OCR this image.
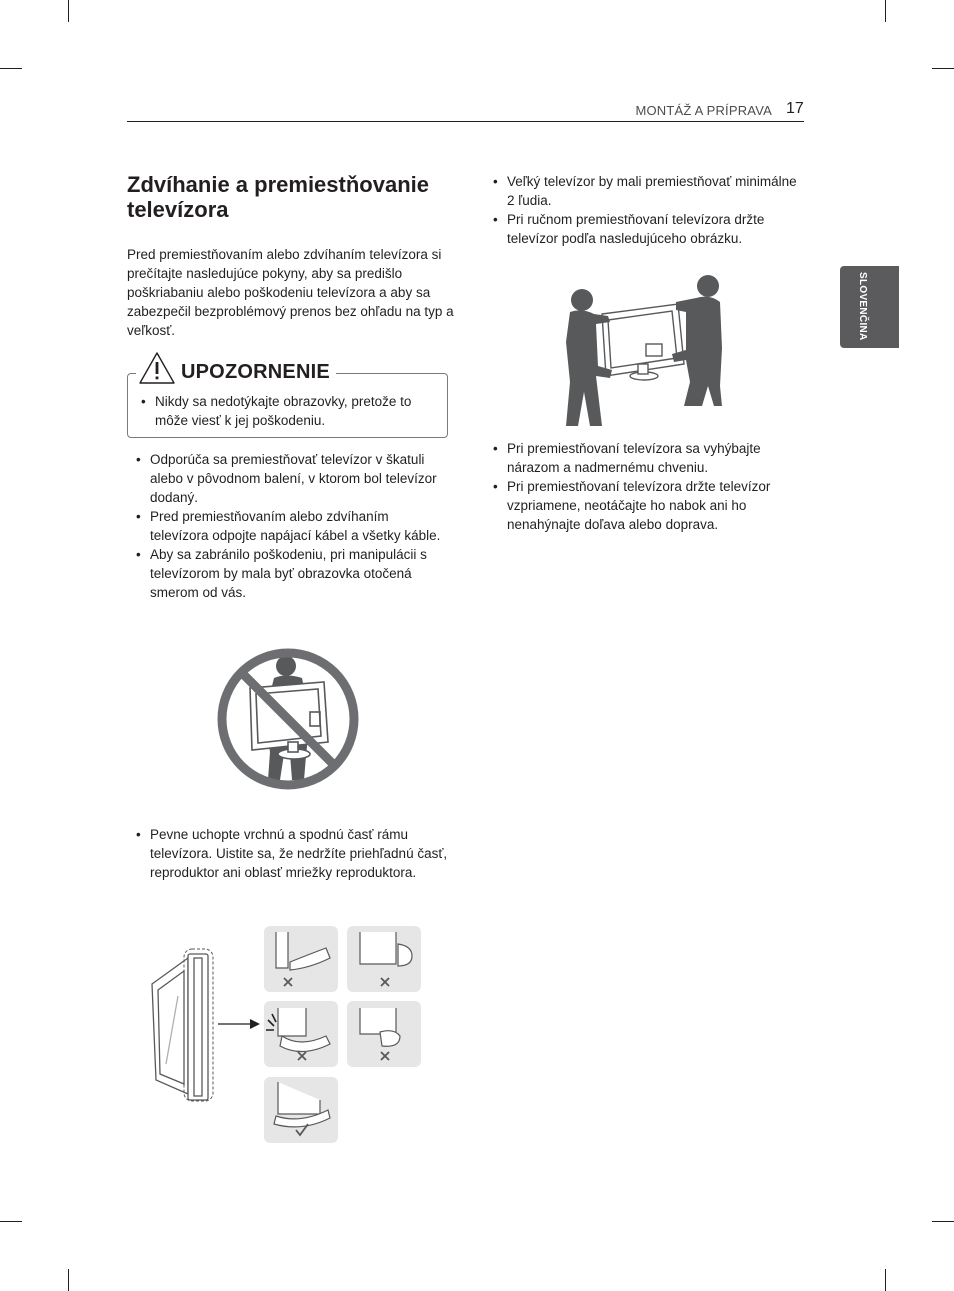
MONTÁŽ A PRÍPRAVA 17
SLOVENČINA
Zdvíhanie a premiestňovanie televízora

Pred premiestňovaním alebo zdvíhaním televízora si prečítajte nasledujúce pokyny, aby sa predišlo poškriabaniu alebo poškodeniu televízora a aby sa zabezpečil bezproblémový prenos bez ohľadu na typ a veľkosť.

UPOZORNENIE
• Nikdy sa nedotýkajte obrazovky, pretože to môže viesť k jej poškodeniu.
• Odporúča sa premiestňovať televízor v škatuli alebo v pôvodnom balení, v ktorom bol televízor dodaný.
• Pred premiestňovaním alebo zdvíhaním televízora odpojte napájací kábel a všetky káble.
• Aby sa zabránilo poškodeniu, pri manipulácii s televízorom by mala byť obrazovka otočená smerom od vás.
• Pevne uchopte vrchnú a spodnú časť rámu televízora. Uistite sa, že nedržíte priehľadnú časť, reproduktor ani oblasť mriežky reproduktora.
• Veľký televízor by mali premiestňovať minimálne 2 ľudia.
• Pri ručnom premiestňovaní televízora držte televízor podľa nasledujúceho obrázku.
• Pri premiestňovaní televízora sa vyhýbajte nárazom a nadmernému chveniu.
• Pri premiestňovaní televízora držte televízor vzpriamene, neotáčajte ho nabok ani ho nenahýnajte doľava alebo doprava.
